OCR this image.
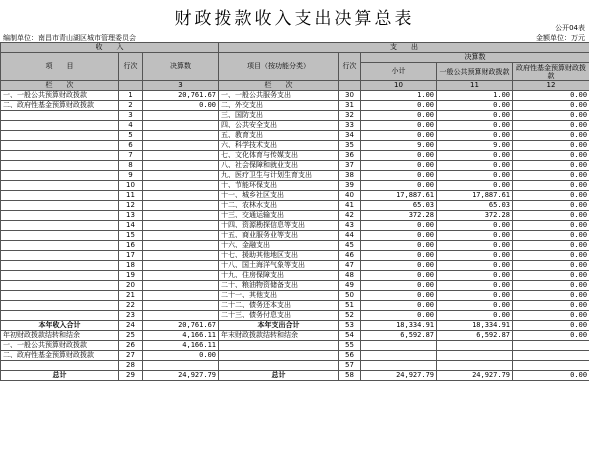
财政拨款收入支出决算总表	公开04表
编制单位：南昌市青山湖区城市管理委员会	金额单位：万元
收　　入			支　　出				
项　　目	行次	决算数	项目（按功能分类）	行次	决算数		
					小计	一般公共预算财政拨款	政府性基金预算财政拨款
栏　　次		3	栏　　次		10	11	12
一、一般公共预算财政拨款	1	20,761.67	一、一般公共服务支出	30	1.00	1.00	0.00
二、政府性基金预算财政拨款	2	0.00	二、外交支出	31	0.00	0.00	0.00
	3		三、国防支出	32	0.00	0.00	0.00
	4		四、公共安全支出	33	0.00	0.00	0.00
	5		五、教育支出	34	0.00	0.00	0.00
	6		六、科学技术支出	35	9.00	9.00	0.00
	7		七、文化体育与传媒支出	36	0.00	0.00	0.00
	8		八、社会保障和就业支出	37	0.00	0.00	0.00
	9		九、医疗卫生与计划生育支出	38	0.00	0.00	0.00
	10		十、节能环保支出	39	0.00	0.00	0.00
	11		十一、城乡社区支出	40	17,887.61	17,887.61	0.00
	12		十二、农林水支出	41	65.03	65.03	0.00
	13		十三、交通运输支出	42	372.28	372.28	0.00
	14		十四、资源勘探信息等支出	43	0.00	0.00	0.00
	15		十五、商业服务业等支出	44	0.00	0.00	0.00
	16		十六、金融支出	45	0.00	0.00	0.00
	17		十七、援助其他地区支出	46	0.00	0.00	0.00
	18		十八、国土海洋气象等支出	47	0.00	0.00	0.00
	19		十九、住房保障支出	48	0.00	0.00	0.00
	20		二十、粮油物资储备支出	49	0.00	0.00	0.00
	21		二十一、其他支出	50	0.00	0.00	0.00
	22		二十二、债务还本支出	51	0.00	0.00	0.00
	23		二十三、债务付息支出	52	0.00	0.00	0.00
本年收入合计	24	20,761.67	本年支出合计	53	18,334.91	18,334.91	0.00
年初财政拨款结转和结余	25	4,166.11	年末财政拨款结转和结余	54	6,592.87	6,592.87	0.00
一、一般公共预算财政拨款	26	4,166.11		55			
二、政府性基金预算财政拨款	27	0.00		56			
	28			57			
总计	29	24,927.79	总计	58	24,927.79	24,927.79	0.00
